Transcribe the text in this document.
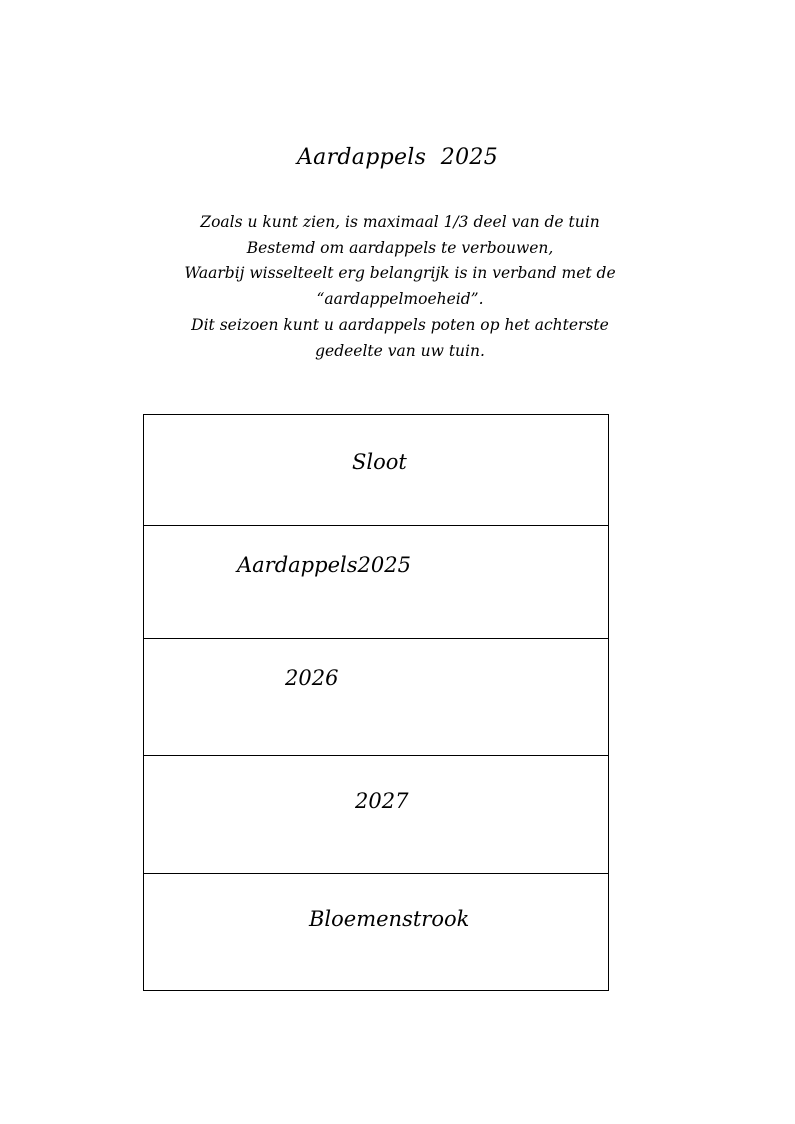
Aardappels  2025
Zoals u kunt zien, is maximaal 1/3 deel van de tuin
Bestemd om aardappels te verbouwen,
Waarbij wisselteelt erg belangrijk is in verband met de
“aardappelmoeheid”.
Dit seizoen kunt u aardappels poten op het achterste
gedeelte van uw tuin.
Sloot
Aardappels2025
2026
2027
Bloemenstrook
